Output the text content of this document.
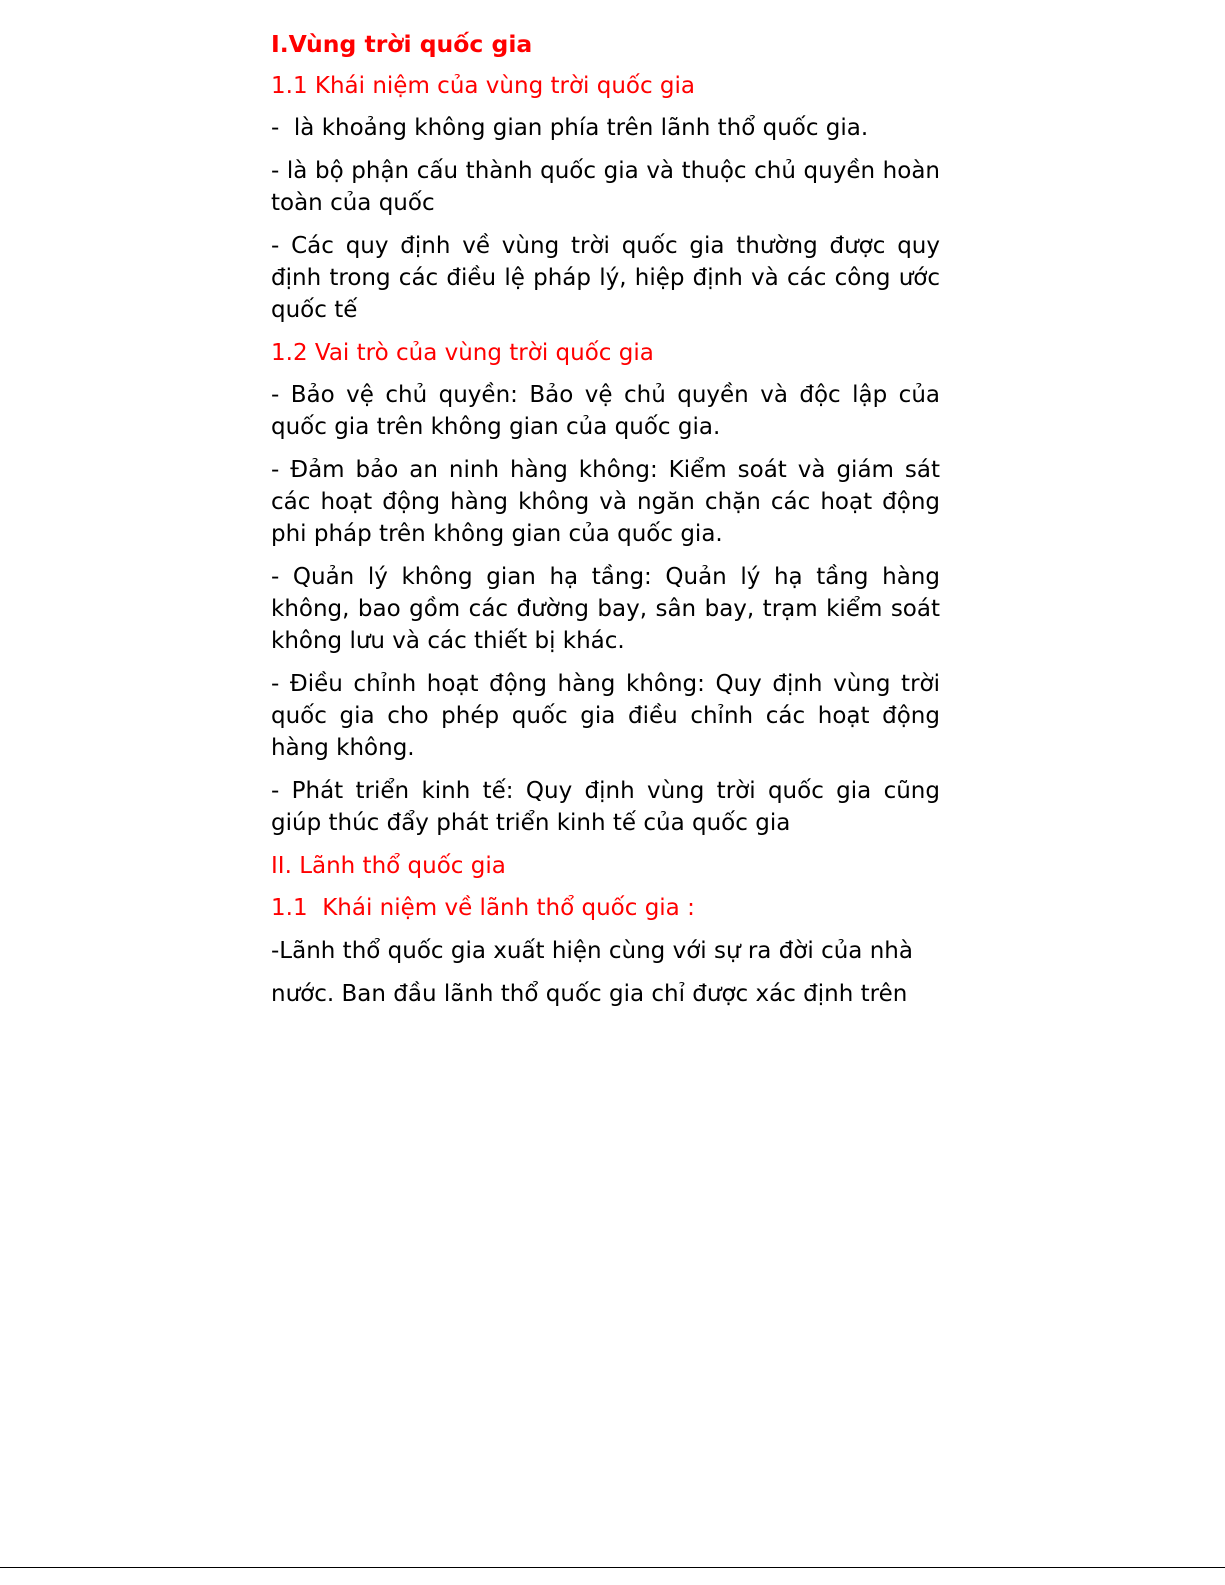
I.Vùng trời quốc gia
1.1 Khái niệm của vùng trời quốc gia
-  là khoảng không gian phía trên lãnh thổ quốc gia.
- là bộ phận cấu thành quốc gia và thuộc chủ quyền hoàn toàn của quốc
- Các quy định về vùng trời quốc gia thường được quy định trong các điều lệ pháp lý, hiệp định và các công ước quốc tế
1.2 Vai trò của vùng trời quốc gia
- Bảo vệ chủ quyền: Bảo vệ chủ quyền và độc lập của quốc gia trên không gian của quốc gia.
- Đảm bảo an ninh hàng không: Kiểm soát và giám sát các hoạt động hàng không và ngăn chặn các hoạt động phi pháp trên không gian của quốc gia.
- Quản lý không gian hạ tầng: Quản lý hạ tầng hàng không, bao gồm các đường bay, sân bay, trạm kiểm soát không lưu và các thiết bị khác.
- Điều chỉnh hoạt động hàng không: Quy định vùng trời quốc gia cho phép quốc gia điều chỉnh các hoạt động hàng không.
- Phát triển kinh tế: Quy định vùng trời quốc gia cũng giúp thúc đẩy phát triển kinh tế của quốc gia
II. Lãnh thổ quốc gia
1.1  Khái niệm về lãnh thổ quốc gia :
-Lãnh thổ quốc gia xuất hiện cùng với sự ra đời của nhà nước. Ban đầu lãnh thổ quốc gia chỉ được xác định trên
